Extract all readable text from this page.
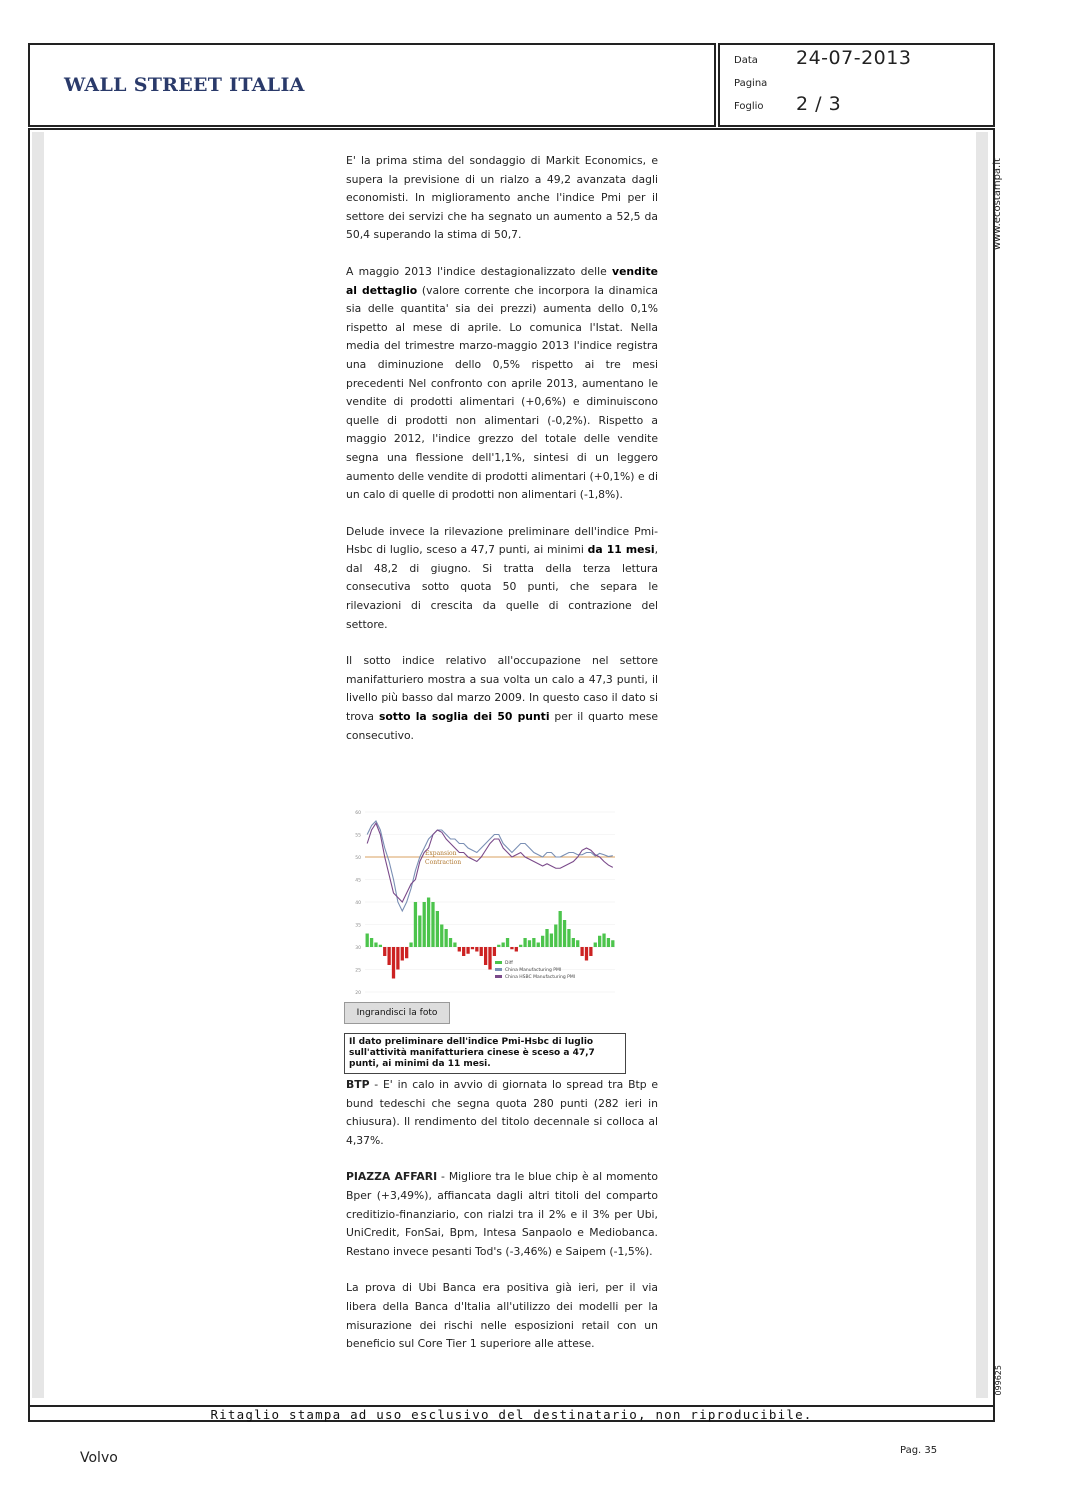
WALL STREET ITALIA
Data 24-07-2013
Pagina
Foglio 2 / 3
www.ecostampa.it
099625

E' la prima stima del sondaggio di Markit Economics, e supera la previsione di un rialzo a 49,2 avanzata dagli economisti. In miglioramento anche l'indice Pmi per il settore dei servizi che ha segnato un aumento a 52,5 da 50,4 superando la stima di 50,7.

A maggio 2013 l'indice destagionalizzato delle vendite al dettaglio (valore corrente che incorpora la dinamica sia delle quantita' sia dei prezzi) aumenta dello 0,1% rispetto al mese di aprile. Lo comunica l'Istat. Nella media del trimestre marzo-maggio 2013 l'indice registra una diminuzione dello 0,5% rispetto ai tre mesi precedenti Nel confronto con aprile 2013, aumentano le vendite di prodotti alimentari (+0,6%) e diminuiscono quelle di prodotti non alimentari (-0,2%). Rispetto a maggio 2012, l'indice grezzo del totale delle vendite segna una flessione dell'1,1%, sintesi di un leggero aumento delle vendite di prodotti alimentari (+0,1%) e di un calo di quelle di prodotti non alimentari (-1,8%).

Delude invece la rilevazione preliminare dell'indice Pmi-Hsbc di luglio, sceso a 47,7 punti, ai minimi da 11 mesi, dal 48,2 di giugno. Si tratta della terza lettura consecutiva sotto quota 50 punti, che separa le rilevazioni di crescita da quelle di contrazione del settore.

Il sotto indice relativo all'occupazione nel settore manifatturiero mostra a sua volta un calo a 47,3 punti, il livello più basso dal marzo 2009. In questo caso il dato si trova sotto la soglia dei 50 punti per il quarto mese consecutivo.

Expansion
Contraction
Diff
China Manufacturing PMI
China HSBC Manufacturing PMI
20
25
30
35
40
45
50
55
60
Ingrandisci la foto
Il dato preliminare dell'indice Pmi-Hsbc di luglio sull'attività manifatturiera cinese è sceso a 47,7 punti, ai minimi da 11 mesi.

BTP - E' in calo in avvio di giornata lo spread tra Btp e bund tedeschi che segna quota 280 punti (282 ieri in chiusura). Il rendimento del titolo decennale si colloca al 4,37%.

PIAZZA AFFARI - Migliore tra le blue chip è al momento Bper (+3,49%), affiancata dagli altri titoli del comparto creditizio-finanziario, con rialzi tra il 2% e il 3% per Ubi, UniCredit, FonSai, Bpm, Intesa Sanpaolo e Mediobanca. Restano invece pesanti Tod's (-3,46%) e Saipem (-1,5%).

La prova di Ubi Banca era positiva già ieri, per il via libera della Banca d'Italia all'utilizzo dei modelli per la misurazione dei rischi nelle esposizioni retail con un beneficio sul Core Tier 1 superiore alle attese.

Ritaglio stampa ad uso esclusivo del destinatario, non riproducibile.
Volvo	Pag. 35
